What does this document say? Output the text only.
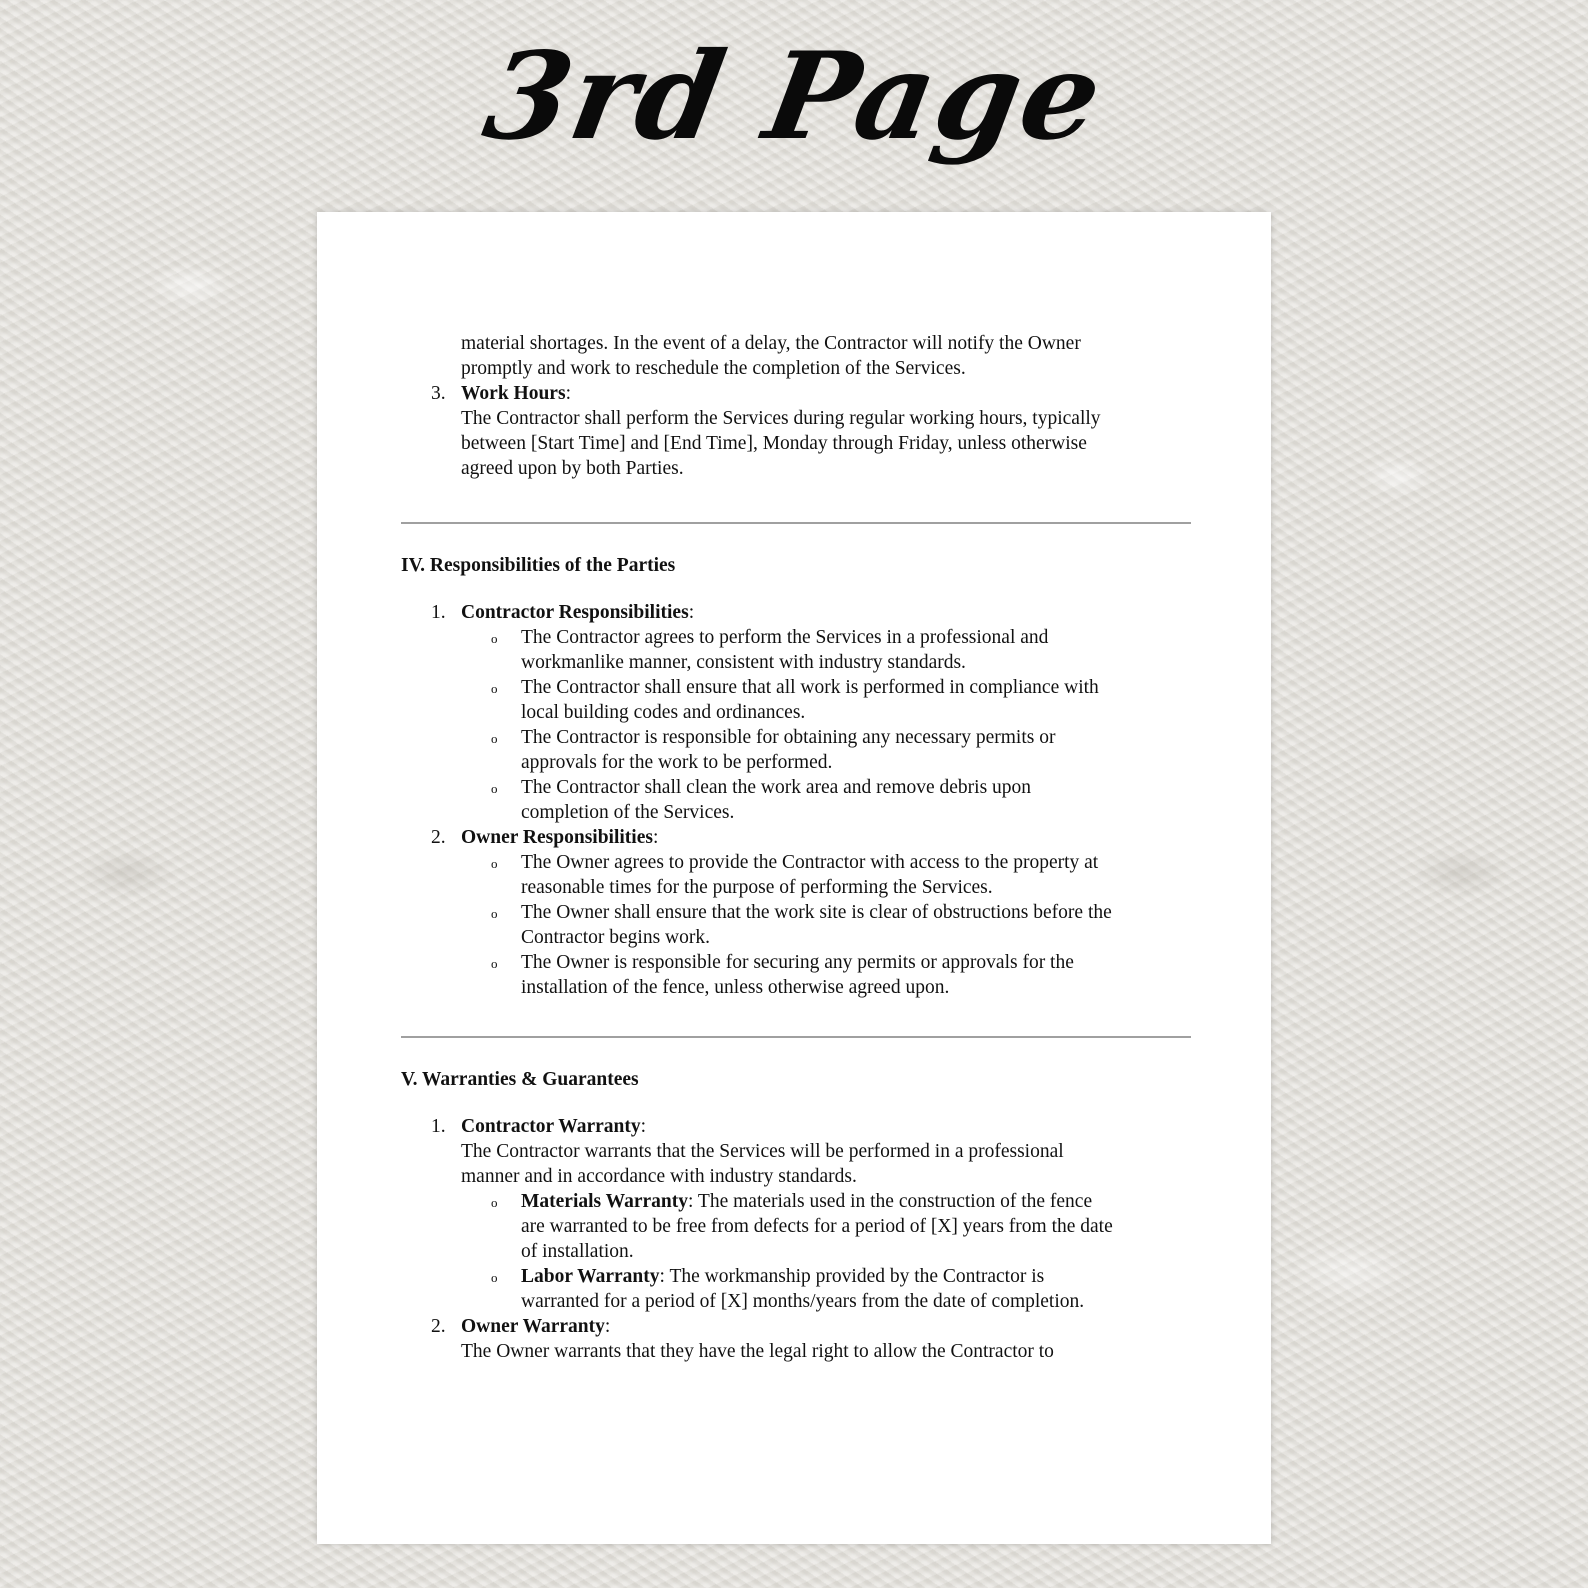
3rd Page
material shortages. In the event of a delay, the Contractor will notify the Owner
promptly and work to reschedule the completion of the Services.
3. Work Hours:
The Contractor shall perform the Services during regular working hours, typically
between [Start Time] and [End Time], Monday through Friday, unless otherwise
agreed upon by both Parties.
IV. Responsibilities of the Parties
1. Contractor Responsibilities:
o The Contractor agrees to perform the Services in a professional and
workmanlike manner, consistent with industry standards.
o The Contractor shall ensure that all work is performed in compliance with
local building codes and ordinances.
o The Contractor is responsible for obtaining any necessary permits or
approvals for the work to be performed.
o The Contractor shall clean the work area and remove debris upon
completion of the Services.
2. Owner Responsibilities:
o The Owner agrees to provide the Contractor with access to the property at
reasonable times for the purpose of performing the Services.
o The Owner shall ensure that the work site is clear of obstructions before the
Contractor begins work.
o The Owner is responsible for securing any permits or approvals for the
installation of the fence, unless otherwise agreed upon.
V. Warranties & Guarantees
1. Contractor Warranty:
The Contractor warrants that the Services will be performed in a professional
manner and in accordance with industry standards.
o Materials Warranty: The materials used in the construction of the fence
are warranted to be free from defects for a period of [X] years from the date
of installation.
o Labor Warranty: The workmanship provided by the Contractor is
warranted for a period of [X] months/years from the date of completion.
2. Owner Warranty:
The Owner warrants that they have the legal right to allow the Contractor to
